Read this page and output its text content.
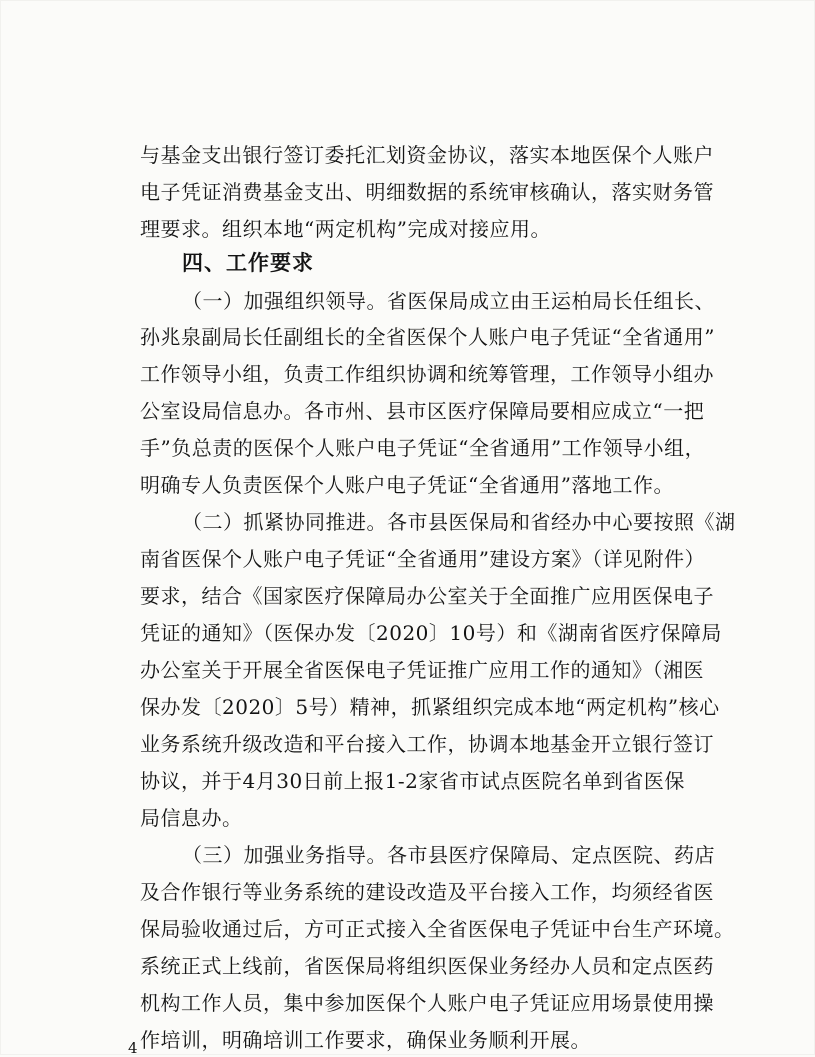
与基金支出银行签订委托汇划资金协议，落实本地医保个人账户
电子凭证消费基金支出、明细数据的系统审核确认，落实财务管
理要求。组织本地“两定机构”完成对接应用。
四、工作要求
（一）加强组织领导。省医保局成立由王运柏局长任组长、
孙兆泉副局长任副组长的全省医保个人账户电子凭证“全省通用”
工作领导小组，负责工作组织协调和统筹管理，工作领导小组办
公室设局信息办。各市州、县市区医疗保障局要相应成立“一把
手”负总责的医保个人账户电子凭证“全省通用”工作领导小组，
明确专人负责医保个人账户电子凭证“全省通用”落地工作。
（二）抓紧协同推进。各市县医保局和省经办中心要按照《湖
南省医保个人账户电子凭证“全省通用”建设方案》（详见附件）
要求，结合《国家医疗保障局办公室关于全面推广应用医保电子
凭证的通知》（医保办发〔2020〕10号）和《湖南省医疗保障局
办公室关于开展全省医保电子凭证推广应用工作的通知》（湘医
保办发〔2020〕5号）精神，抓紧组织完成本地“两定机构”核心
业务系统升级改造和平台接入工作，协调本地基金开立银行签订
协议，并于4月30日前上报1-2家省市试点医院名单到省医保
局信息办。
（三）加强业务指导。各市县医疗保障局、定点医院、药店
及合作银行等业务系统的建设改造及平台接入工作，均须经省医
保局验收通过后，方可正式接入全省医保电子凭证中台生产环境。
系统正式上线前，省医保局将组织医保业务经办人员和定点医药
机构工作人员，集中参加医保个人账户电子凭证应用场景使用操
作培训，明确培训工作要求，确保业务顺利开展。
4
